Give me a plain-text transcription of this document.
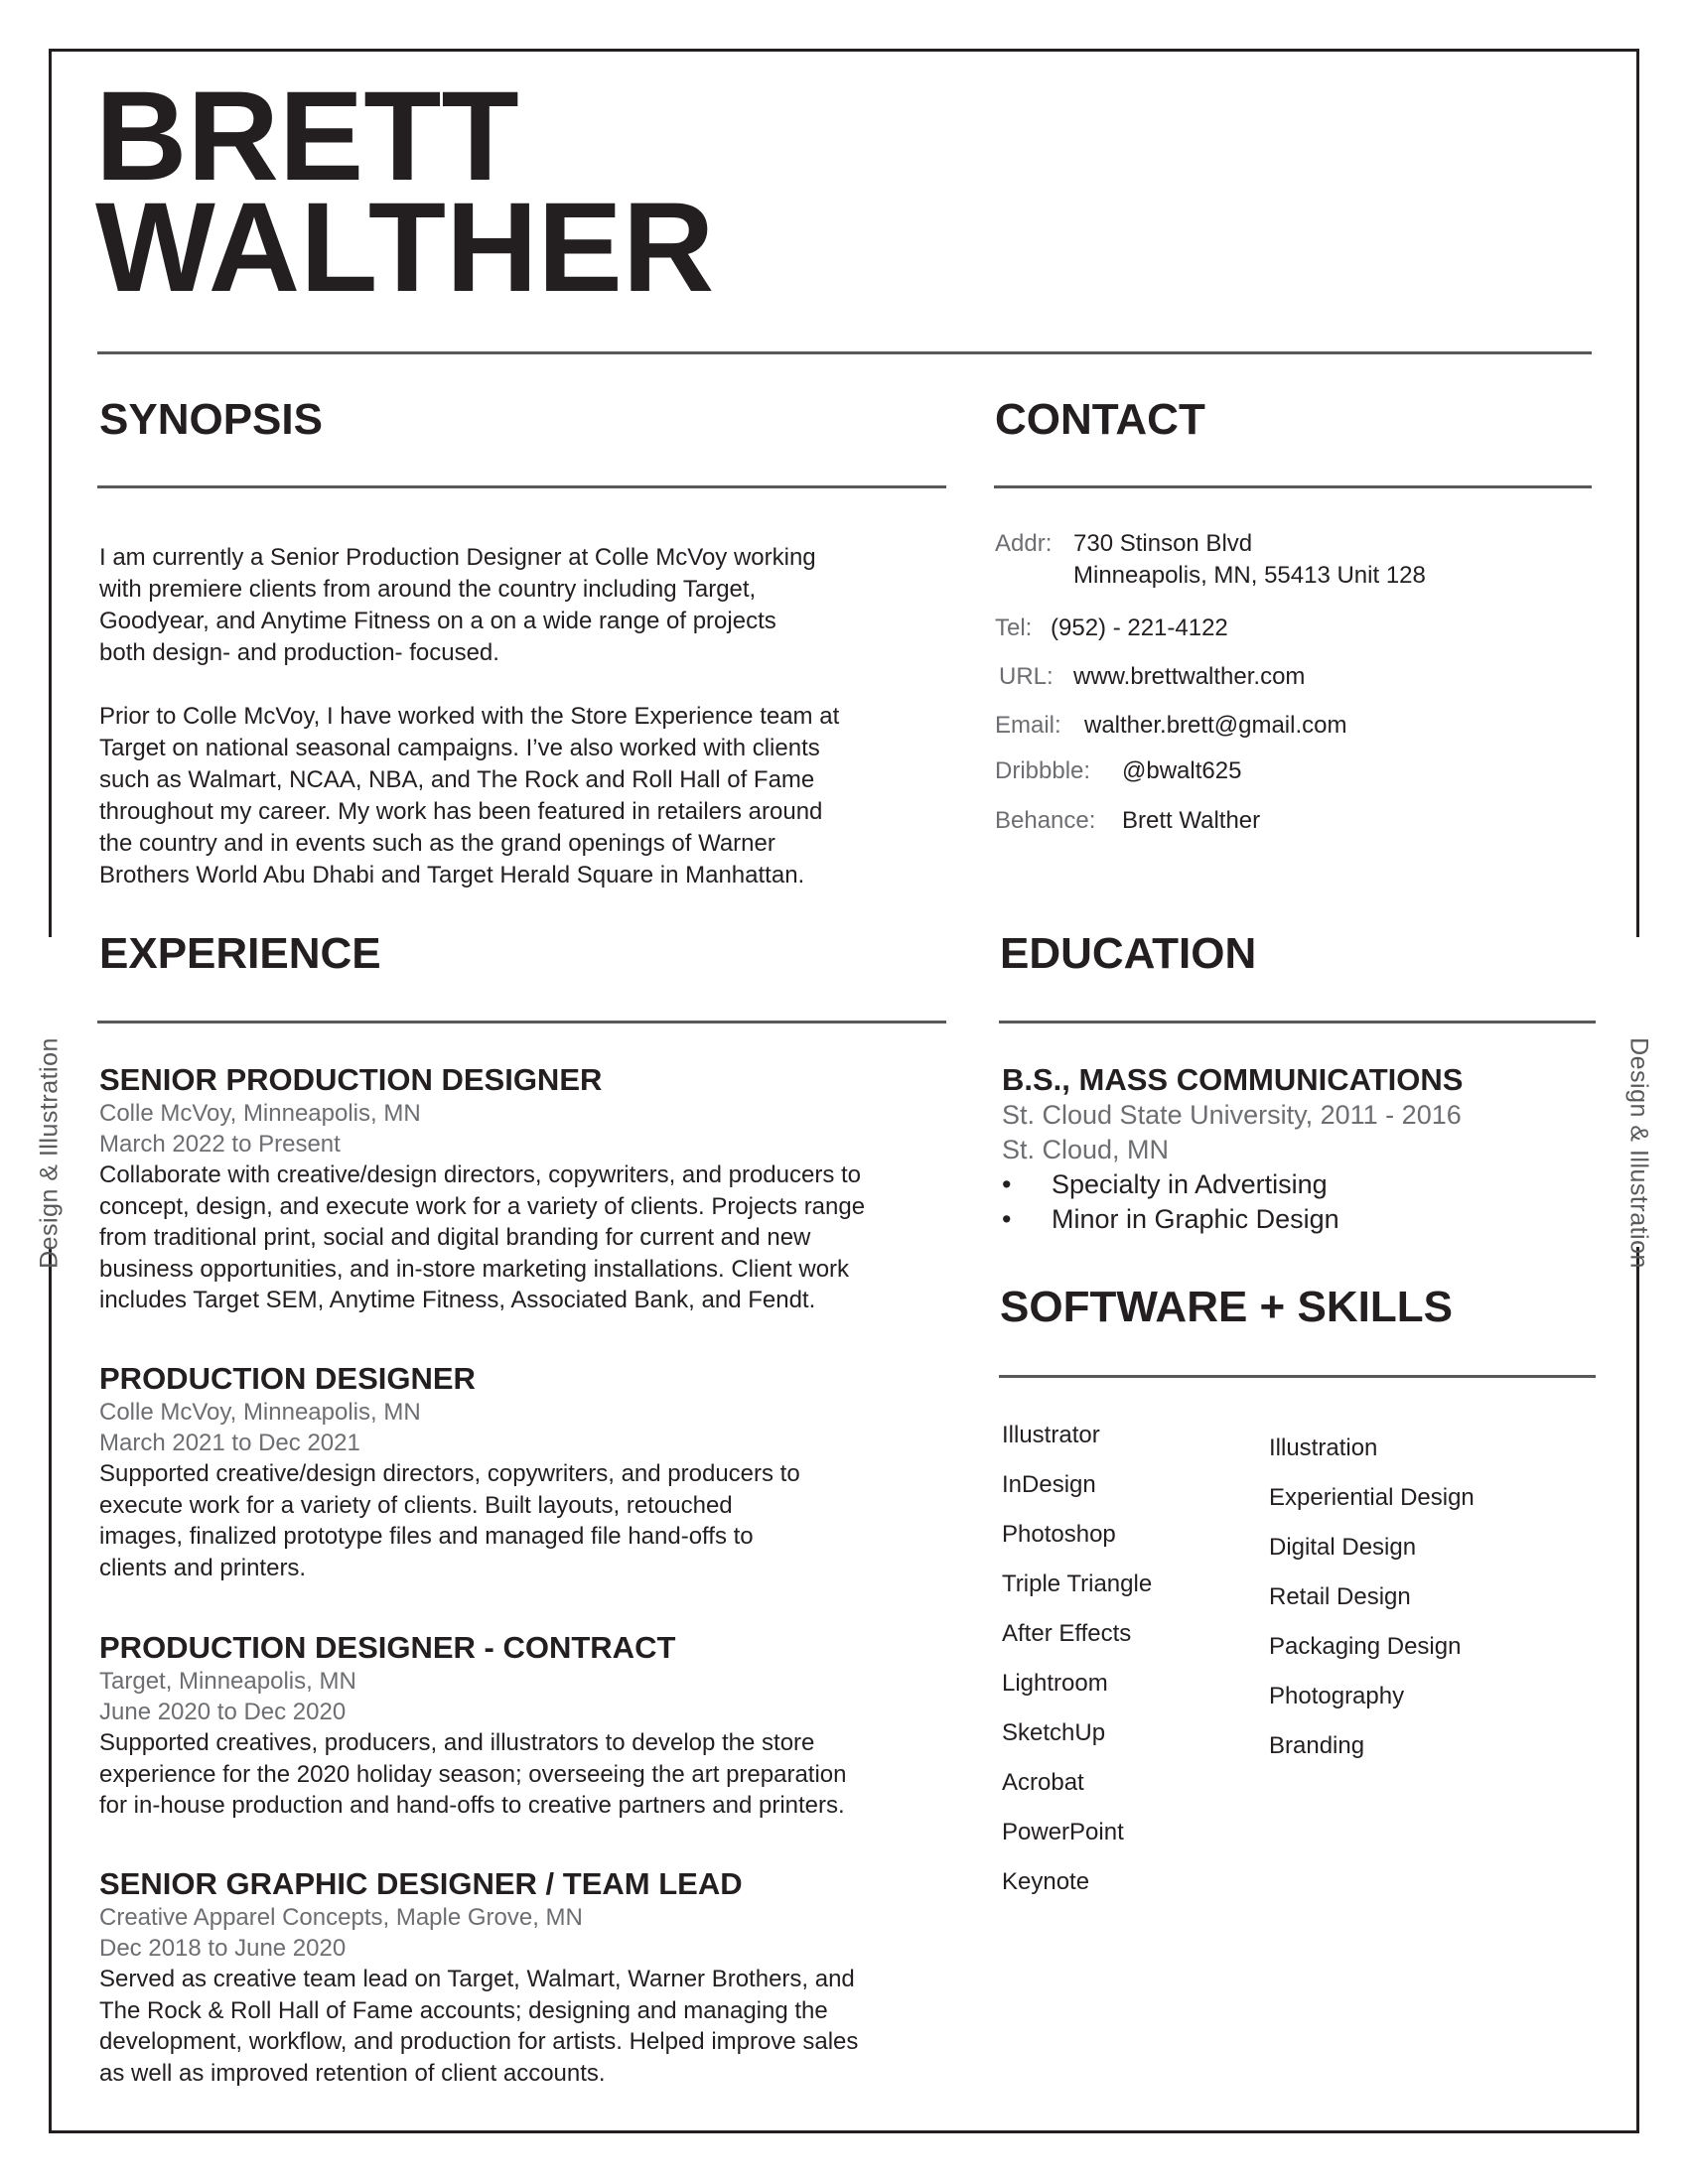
Design & Illustration	Design & Illustration
BRETT
WALTHER
SYNOPSIS

I am currently a Senior Production Designer at Colle McVoy working
with premiere clients from around the country including Target,
Goodyear, and Anytime Fitness on a on a wide range of projects
both design- and production- focused.

Prior to Colle McVoy, I have worked with the Store Experience team at
Target on national seasonal campaigns. I’ve also worked with clients
such as Walmart, NCAA, NBA, and The Rock and Roll Hall of Fame
throughout my career. My work has been featured in retailers around
the country and in events such as the grand openings of Warner
Brothers World Abu Dhabi and Target Herald Square in Manhattan.

CONTACT
Addr: 730 Stinson Blvd
Minneapolis, MN, 55413 Unit 128
Tel: (952) - 221-4122
URL: www.brettwalther.com
Email: walther.brett@gmail.com
Dribbble: @bwalt625
Behance: Brett Walther
EXPERIENCE
SENIOR PRODUCTION DESIGNER
Colle McVoy, Minneapolis, MN
March 2022 to Present
Collaborate with creative/design directors, copywriters, and producers to
concept, design, and execute work for a variety of clients. Projects range
from traditional print, social and digital branding for current and new
business opportunities, and in-store marketing installations. Client work
includes Target SEM, Anytime Fitness, Associated Bank, and Fendt.
PRODUCTION DESIGNER
Colle McVoy, Minneapolis, MN
March 2021 to Dec 2021
Supported creative/design directors, copywriters, and producers to
execute work for a variety of clients. Built layouts, retouched
images, finalized prototype files and managed file hand-offs to
clients and printers.
PRODUCTION DESIGNER - CONTRACT
Target, Minneapolis, MN
June 2020 to Dec 2020
Supported creatives, producers, and illustrators to develop the store
experience for the 2020 holiday season; overseeing the art preparation
for in-house production and hand-offs to creative partners and printers.
SENIOR GRAPHIC DESIGNER / TEAM LEAD
Creative Apparel Concepts, Maple Grove, MN
Dec 2018 to June 2020
Served as creative team lead on Target, Walmart, Warner Brothers, and
The Rock & Roll Hall of Fame accounts; designing and managing the
development, workflow, and production for artists. Helped improve sales
as well as improved retention of client accounts.
EDUCATION
B.S., MASS COMMUNICATIONS
St. Cloud State University, 2011 - 2016
St. Cloud, MN
• Specialty in Advertising
• Minor in Graphic Design
SOFTWARE + SKILLS
Illustrator
InDesign
Photoshop
Triple Triangle
After Effects
Lightroom
SketchUp
Acrobat
PowerPoint
Keynote
Illustration
Experiential Design
Digital Design
Retail Design
Packaging Design
Photography
Branding
